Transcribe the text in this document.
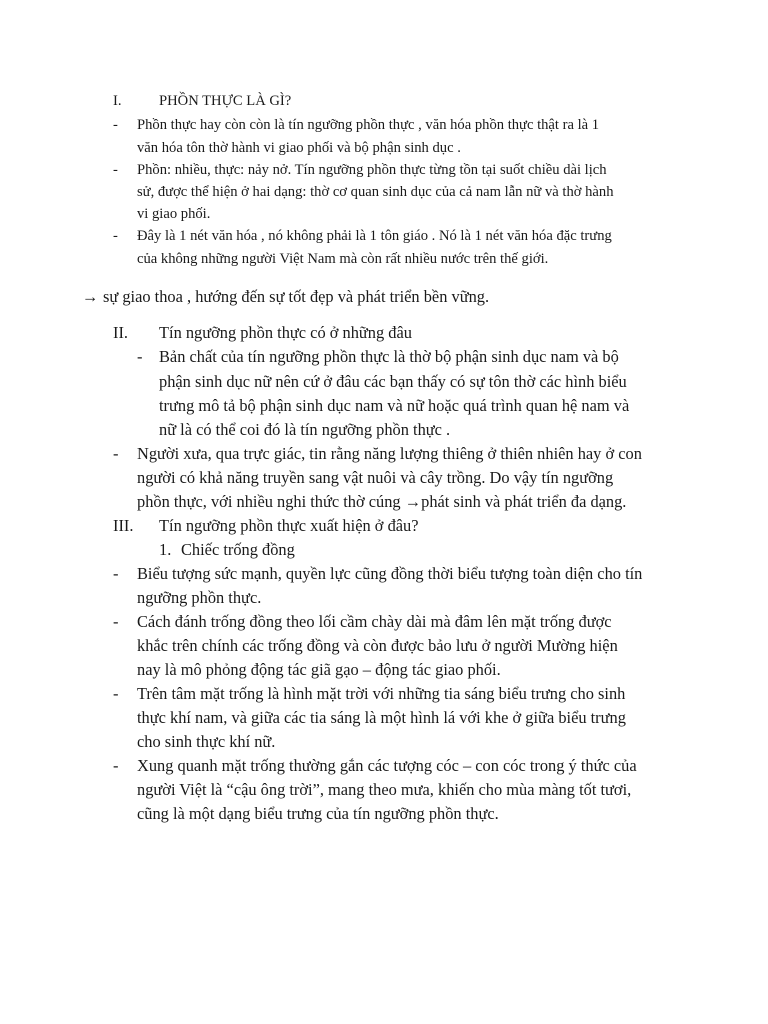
I.	PHỒN THỰC LÀ GÌ?
- Phồn thực hay còn còn là tín ngưỡng phồn thực , văn hóa phồn thực thật ra là 1
văn hóa tôn thờ hành vi giao phối và bộ phận sinh dục .
- Phồn: nhiều, thực: nảy nở. Tín ngưỡng phồn thực từng tồn tại suốt chiều dài lịch
sử, được thể hiện ở hai dạng: thờ cơ quan sinh dục của cả nam lẫn nữ và thờ hành
vi giao phối.
- Đây là 1 nét văn hóa , nó không phải là 1 tôn giáo . Nó là 1 nét văn hóa đặc trưng
của không những người Việt Nam mà còn rất nhiều nước trên thế giới.
→ sự giao thoa , hướng đến sự tốt đẹp và phát triển bền vững.
II. Tín ngưỡng phồn thực có ở những đâu
- Bản chất của tín ngưỡng phồn thực là thờ bộ phận sinh dục nam và bộ
phận sinh dục nữ nên cứ ở đâu các bạn thấy có sự tôn thờ các hình biểu
trưng mô tả bộ phận sinh dục nam và nữ hoặc quá trình quan hệ nam và
nữ là có thể coi đó là tín ngưỡng phồn thực .
- Người xưa, qua trực giác, tin rằng năng lượng thiêng ở thiên nhiên hay ở con
người có khả năng truyền sang vật nuôi và cây trồng. Do vậy tín ngưỡng
phồn thực, với nhiều nghi thức thờ cúng →phát sinh và phát triển đa dạng.
III. Tín ngưỡng phồn thực xuất hiện ở đâu?
1. Chiếc trống đồng
- Biểu tượng sức mạnh, quyền lực cũng đồng thời biểu tượng toàn diện cho tín
ngưỡng phồn thực.
- Cách đánh trống đồng theo lối cầm chày dài mà đâm lên mặt trống được
khắc trên chính các trống đồng và còn được bảo lưu ở người Mường hiện
nay là mô phỏng động tác giã gạo – động tác giao phối.
- Trên tâm mặt trống là hình mặt trời với những tia sáng biểu trưng cho sinh
thực khí nam, và giữa các tia sáng là một hình lá với khe ở giữa biểu trưng
cho sinh thực khí nữ.
- Xung quanh mặt trống thường gắn các tượng cóc – con cóc trong ý thức của
người Việt là “cậu ông trời”, mang theo mưa, khiến cho mùa màng tốt tươi,
cũng là một dạng biểu trưng của tín ngưỡng phồn thực.
